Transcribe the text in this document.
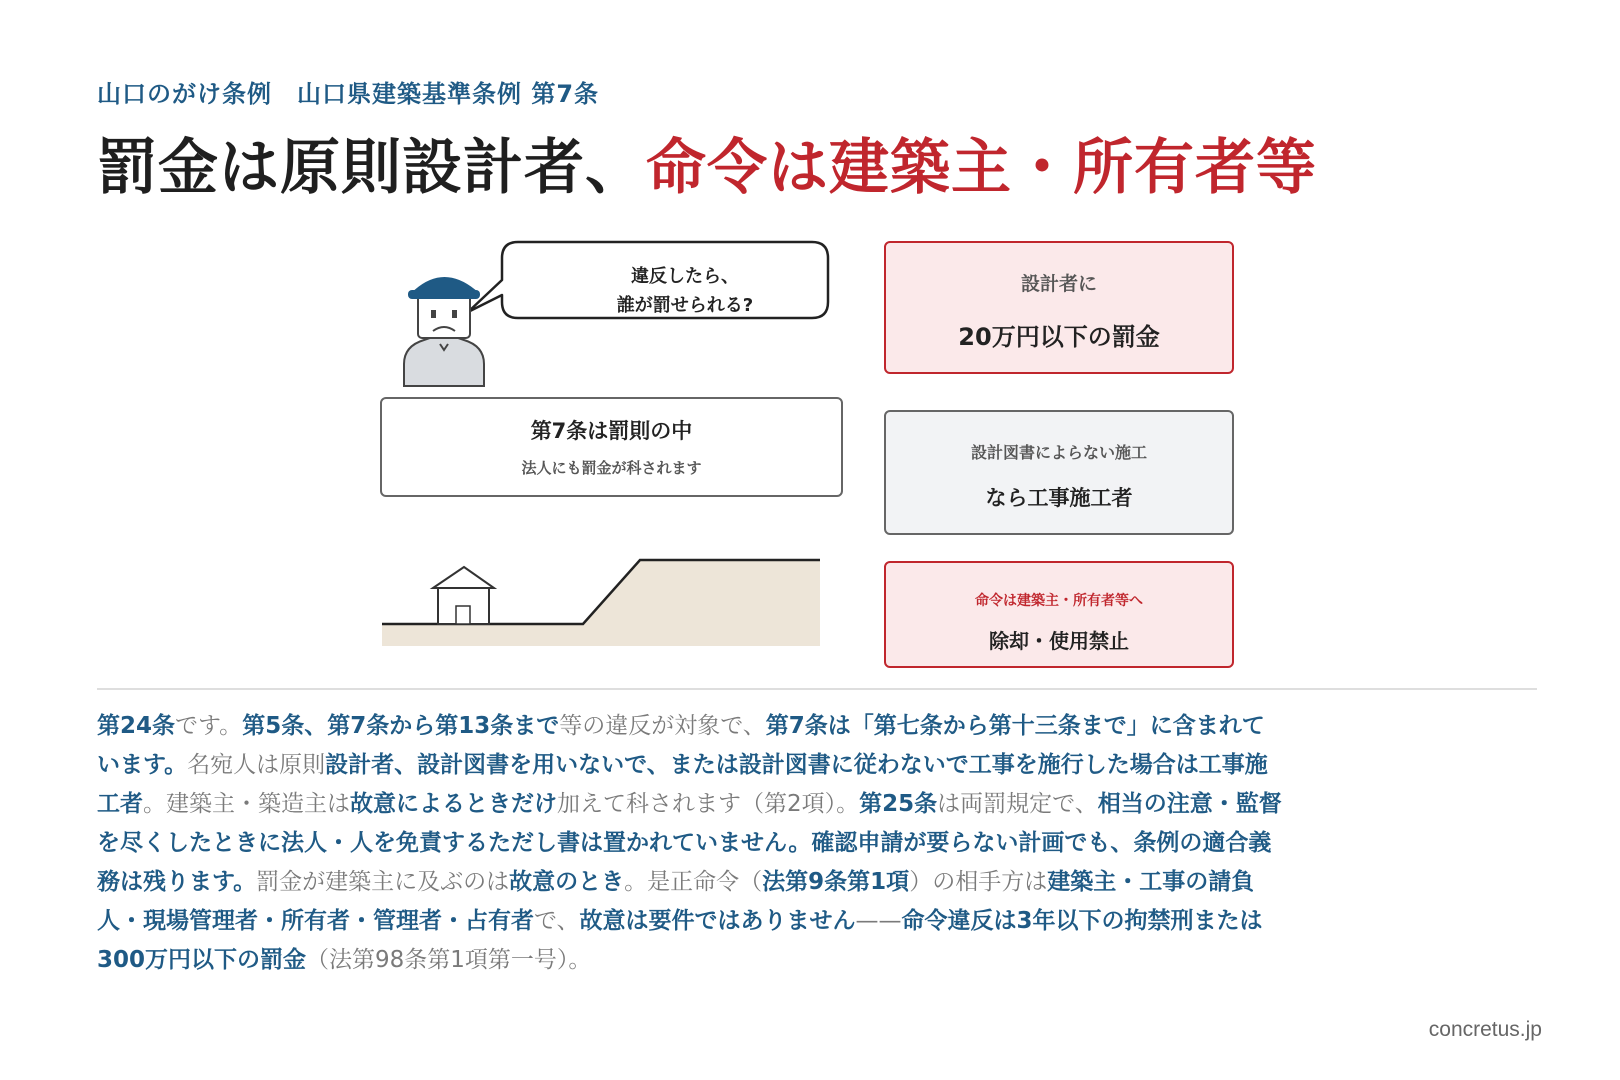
山口のがけ条例　山口県建築基準条例 第7条

罰金は原則設計者、命令は建築主・所有者等
違反したら、
誰が罰せられる?
第7条は罰則の中
法人にも罰金が科されます
設計者に
20万円以下の罰金
設計図書によらない施工
なら工事施工者
命令は建築主・所有者等へ
除却・使用禁止

第24条です。第5条、第7条から第13条まで等の違反が対象で、第7条は「第七条から第十三条まで」に含まれています。名宛人は原則設計者、設計図書を用いないで、または設計図書に従わないで工事を施行した場合は工事施工者。建築主・築造主は故意によるときだけ加えて科されます（第2項）。第25条は両罰規定で、相当の注意・監督を尽くしたときに法人・人を免責するただし書は置かれていません。確認申請が要らない計画でも、条例の適合義務は残ります。罰金が建築主に及ぶのは故意のとき。是正命令（法第9条第1項）の相手方は建築主・工事の請負人・現場管理者・所有者・管理者・占有者で、故意は要件ではありません——命令違反は3年以下の拘禁刑または300万円以下の罰金（法第98条第1項第一号）。

concretus.jp
